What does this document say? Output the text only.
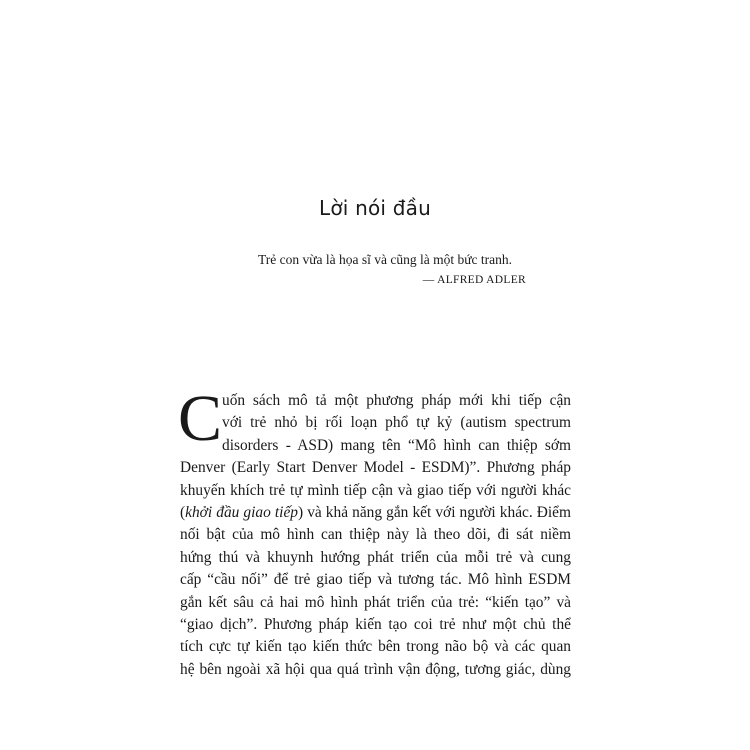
Lời nói đầu

Trẻ con vừa là họa sĩ và cũng là một bức tranh.

— ALFRED ADLER

C uốn sách mô tả một phương pháp mới khi tiếp cận
với trẻ nhỏ bị rối loạn phổ tự kỷ (autism spectrum
disorders - ASD) mang tên “Mô hình can thiệp sớm
Denver (Early Start Denver Model - ESDM)”. Phương pháp
khuyến khích trẻ tự mình tiếp cận và giao tiếp với người khác
(khởi đầu giao tiếp) và khả năng gắn kết với người khác. Điểm
nối bật của mô hình can thiệp này là theo dõi, đi sát niềm
hứng thú và khuynh hướng phát triển của mỗi trẻ và cung
cấp “cầu nối” để trẻ giao tiếp và tương tác. Mô hình ESDM
gắn kết sâu cả hai mô hình phát triển của trẻ: “kiến tạo” và
“giao dịch”. Phương pháp kiến tạo coi trẻ như một chủ thể
tích cực tự kiến tạo kiến thức bên trong não bộ và các quan
hệ bên ngoài xã hội qua quá trình vận động, tương giác, dùng
